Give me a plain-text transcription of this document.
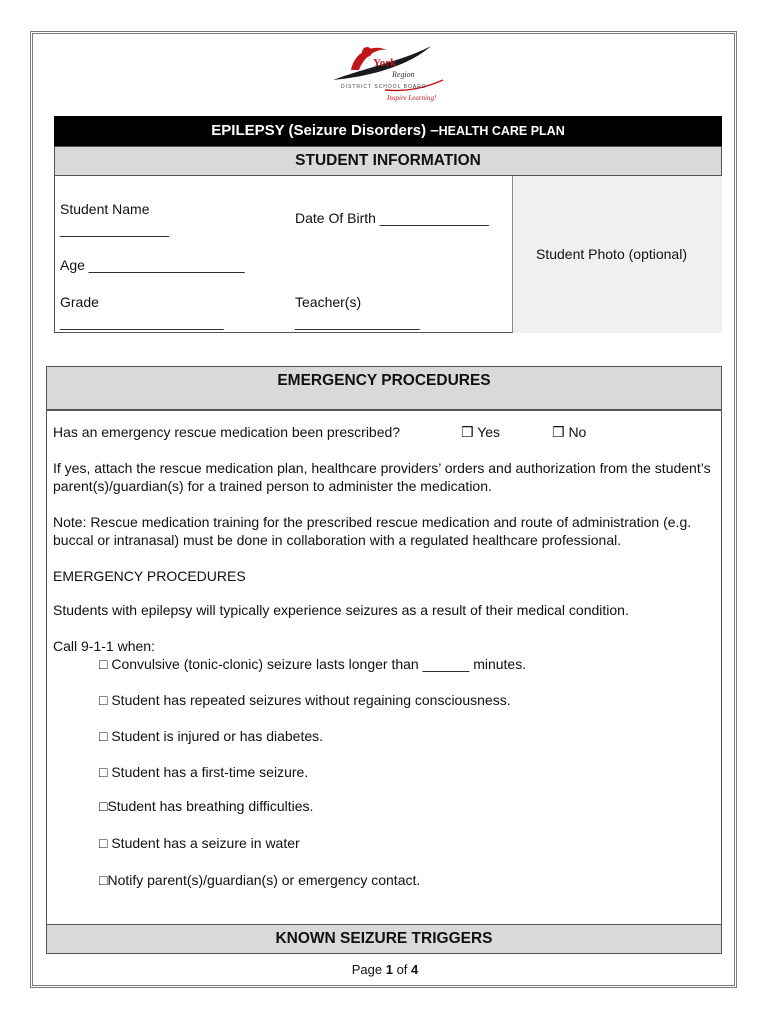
York
Region
DISTRICT SCHOOL BOARD
Inspire Learning!
EPILEPSY (Seizure Disorders) –HEALTH CARE PLAN
STUDENT INFORMATION
Student Name
______________
Date Of Birth ______________
Age ____________________
Grade
_____________________
Teacher(s)
________________
Student Photo (optional)
EMERGENCY PROCEDURES
Has an emergency rescue medication been prescribed?	❒ Yes	❒ No
If yes, attach the rescue medication plan, healthcare providers’ orders and authorization from the student’s parent(s)/guardian(s) for a trained person to administer the medication.
Note: Rescue medication training for the prescribed rescue medication and route of administration (e.g. buccal or intranasal) must be done in collaboration with a regulated healthcare professional.
EMERGENCY PROCEDURES
Students with epilepsy will typically experience seizures as a result of their medical condition.
Call 9-1-1 when:
□ Convulsive (tonic-clonic) seizure lasts longer than ______ minutes.
□ Student has repeated seizures without regaining consciousness.
□ Student is injured or has diabetes.
□ Student has a first-time seizure.
□Student has breathing difficulties.
□ Student has a seizure in water
□Notify parent(s)/guardian(s) or emergency contact.
KNOWN SEIZURE TRIGGERS
Page 1 of 4
